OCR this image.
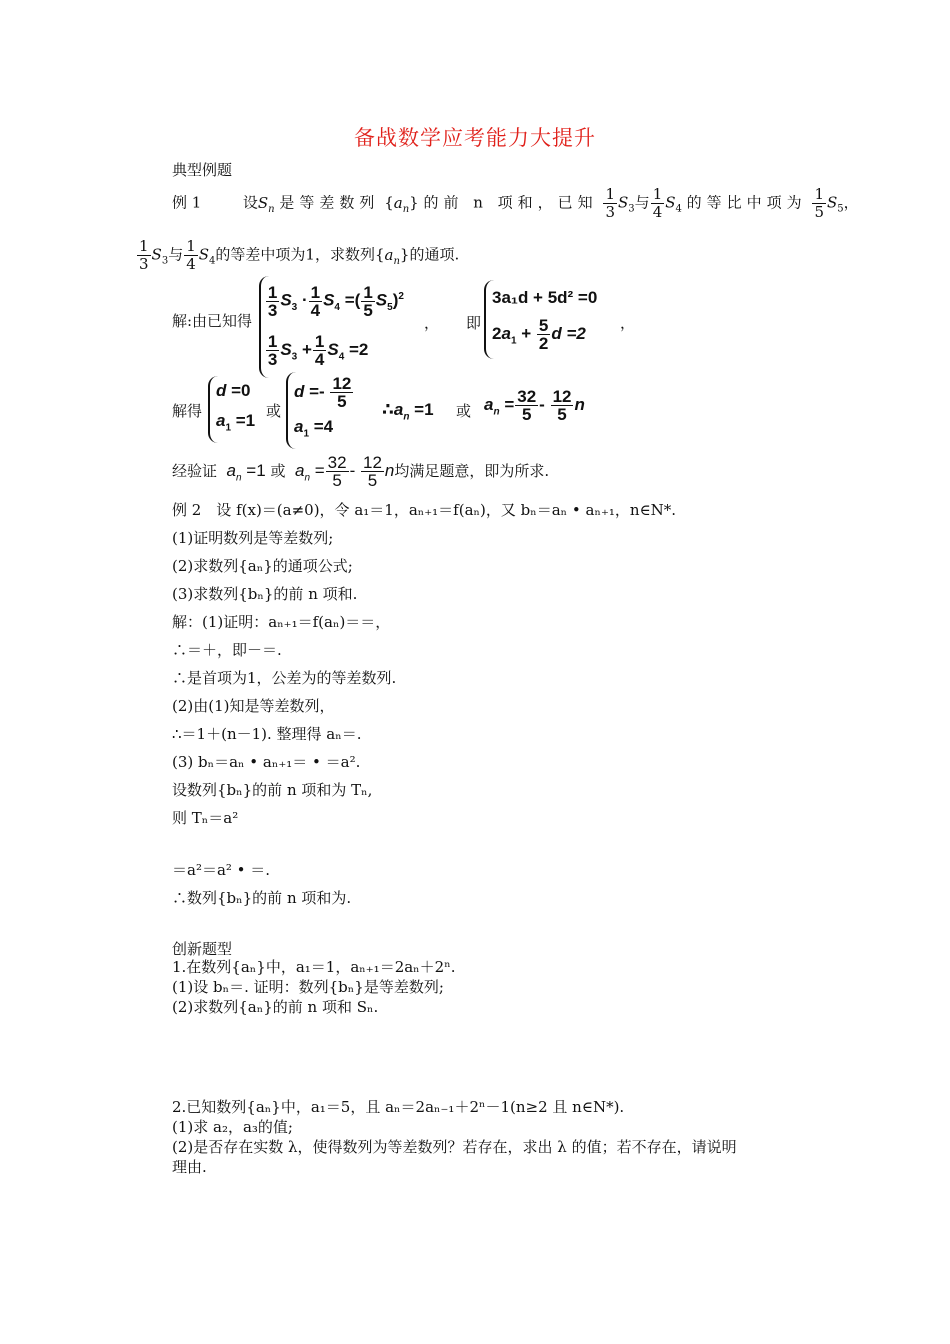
备战数学应考能力大提升
典型例题
例 1	设$S_n$ 是等差数列 $\{a_n\}$ 的前 n 项和，已知 $\frac{1}{3} S_3$与 $\frac{1}{4} S_4$ 的等比中项为 $\frac{1}{5} S_5$，
$\frac{1}{3} S_3$与 $\frac{1}{4} S_4$的等差中项为1，求数列$\{a_n\}$的通项.
解:由已知得
$\frac{1}{3} S_3 \cdot \frac{1}{4} S_4$ =( $\frac{1}{5} S_5)^2$
$\frac{1}{3} S_3 + \frac{1}{4} S_4 =2$
， 即
3a₁d + 5d² =0
$2a_1 + \frac{5}{2}$ d =2
，
解得
d =0
$a_1 =1$ 或
$d =- \frac{12}{5}$
$a_1 =4$
$\therefore a_n =1$ 或 $a_n = \frac{32}{5} - \frac{12}{5}$ n
经验证 $a_n =1$ 或 $a_n = \frac{32}{5} - \frac{12}{5}$ n均满足题意，即为所求.
例 2　设 f(x)＝(a≠0)，令 a₁＝1，aₙ₊₁＝f(aₙ)，又 bₙ＝aₙ • aₙ₊₁，n∈N*.
(1)证明数列是等差数列;
(2)求数列{aₙ}的通项公式;
(3)求数列{bₙ}的前 n 项和.
解：(1)证明：aₙ₊₁＝f(aₙ)＝＝，
∴＝＋，即－＝.
∴是首项为1，公差为的等差数列.
(2)由(1)知是等差数列，
∴＝1＋(n－1). 整理得 aₙ＝.
(3) bₙ＝aₙ • aₙ₊₁＝ • ＝a².
设数列{bₙ}的前 n 项和为 Tₙ,
则 Tₙ＝a²
＝a²＝a² • ＝.
∴数列{bₙ}的前 n 项和为.
创新题型
1.在数列{aₙ}中，a₁＝1，aₙ₊₁＝2aₙ＋2ⁿ.
(1)设 bₙ＝. 证明：数列{bₙ}是等差数列;
(2)求数列{aₙ}的前 n 项和 Sₙ.
2.已知数列{aₙ}中，a₁＝5，且 aₙ＝2aₙ₋₁＋2ⁿ－1(n≥2 且 n∈N*).
(1)求 a₂，a₃的值;
(2)是否存在实数 λ，使得数列为等差数列？若存在，求出 λ 的值；若不存在，请说明
理由.
